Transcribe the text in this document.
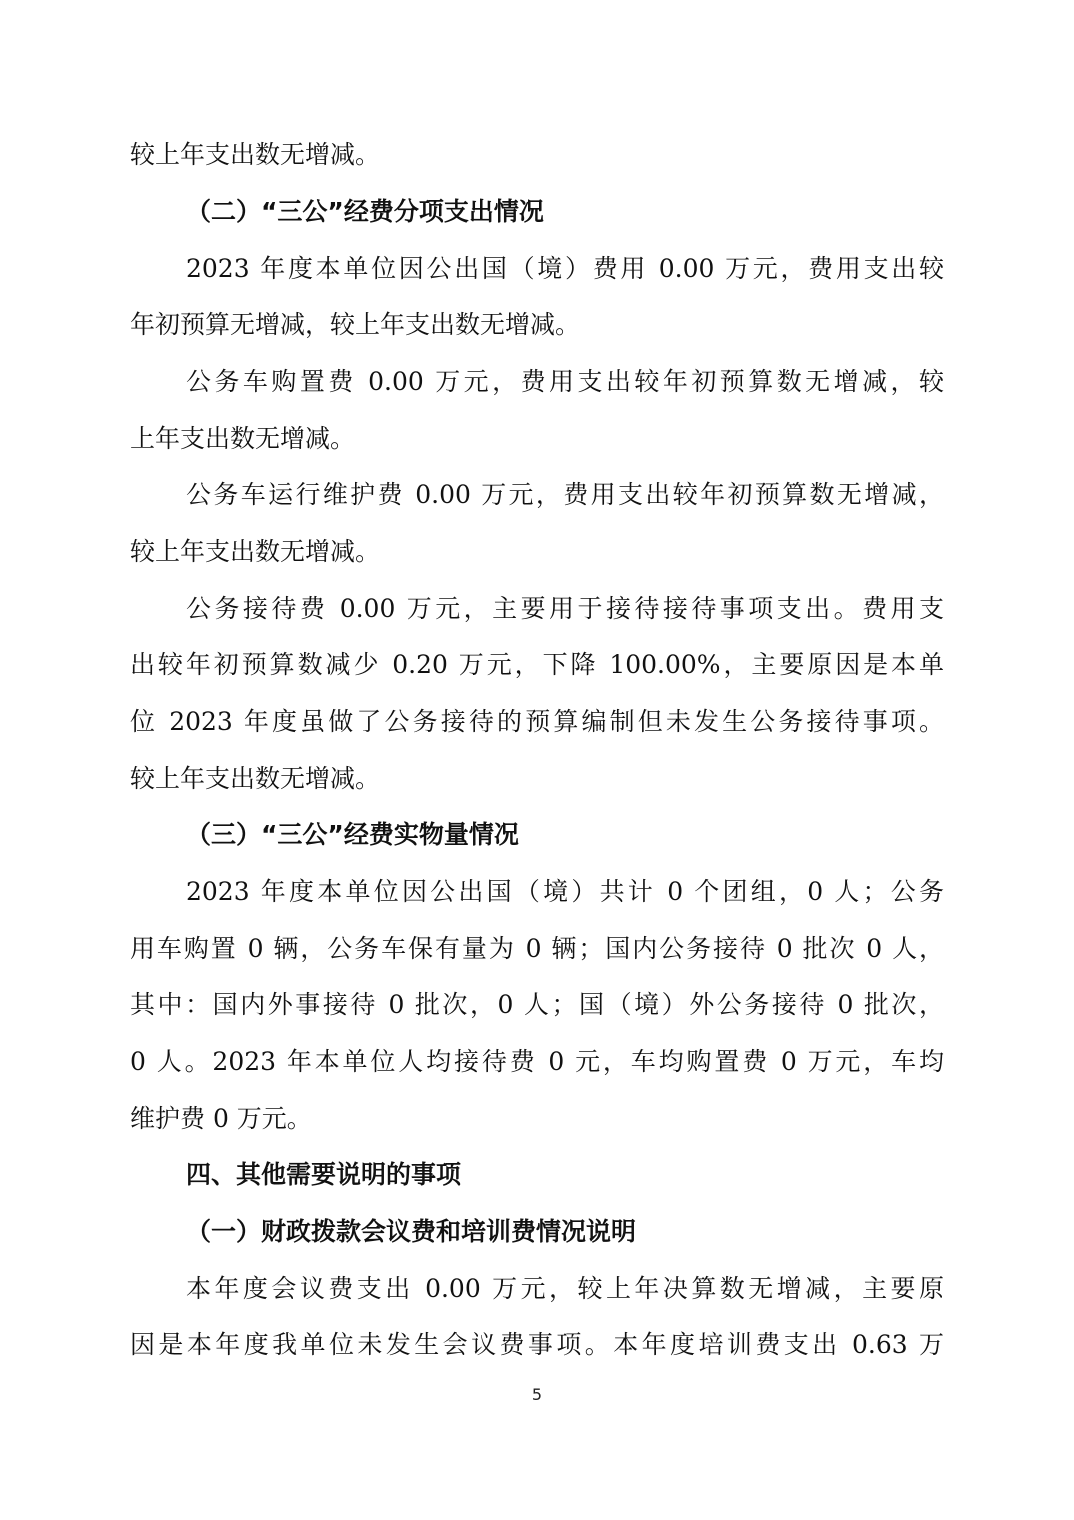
较上年支出数无增减。
（二）“三公”经费分项支出情况
2023 年度本单位因公出国（境）费用 0.00 万元，费用支出较
年初预算无增减，较上年支出数无增减。
公务车购置费 0.00 万元，费用支出较年初预算数无增减，较
上年支出数无增减。
公务车运行维护费 0.00 万元，费用支出较年初预算数无增减，
较上年支出数无增减。
公务接待费 0.00 万元，主要用于接待接待事项支出。费用支
出较年初预算数减少 0.20 万元，下降 100.00%，主要原因是本单
位 2023 年度虽做了公务接待的预算编制但未发生公务接待事项。
较上年支出数无增减。
（三）“三公”经费实物量情况
2023 年度本单位因公出国（境）共计 0 个团组，0 人；公务
用车购置 0 辆，公务车保有量为 0 辆；国内公务接待 0 批次 0 人，
其中：国内外事接待 0 批次，0 人；国（境）外公务接待 0 批次，
0 人。2023 年本单位人均接待费 0 元，车均购置费 0 万元，车均
维护费 0 万元。
四、其他需要说明的事项
（一）财政拨款会议费和培训费情况说明
本年度会议费支出 0.00 万元，较上年决算数无增减，主要原
因是本年度我单位未发生会议费事项。本年度培训费支出 0.63 万
5
